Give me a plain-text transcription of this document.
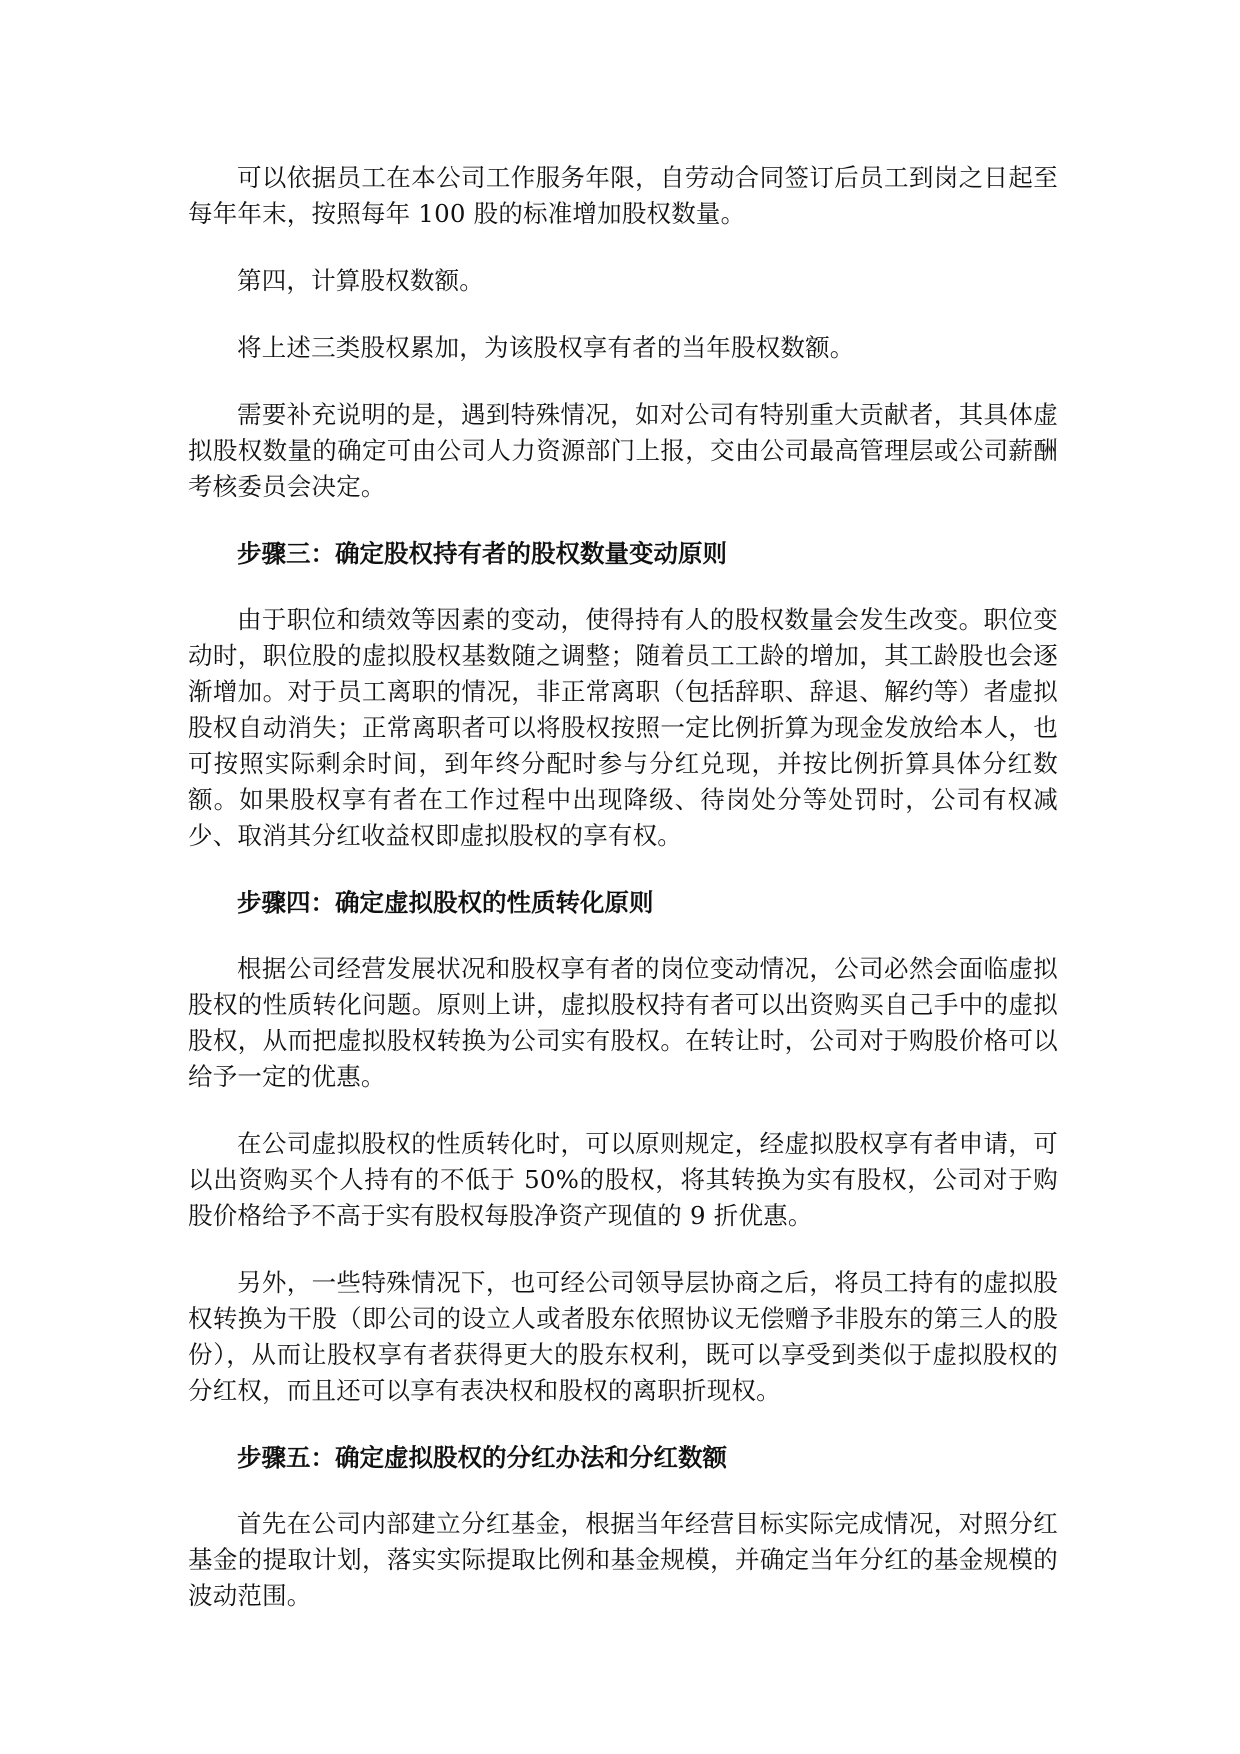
可以依据员工在本公司工作服务年限，自劳动合同签订后员工到岗之日起至每年年末，按照每年 100 股的标准增加股权数量。

第四，计算股权数额。

将上述三类股权累加，为该股权享有者的当年股权数额。

需要补充说明的是，遇到特殊情况，如对公司有特别重大贡献者，其具体虚拟股权数量的确定可由公司人力资源部门上报，交由公司最高管理层或公司薪酬考核委员会决定。

步骤三：确定股权持有者的股权数量变动原则

由于职位和绩效等因素的变动，使得持有人的股权数量会发生改变。职位变动时，职位股的虚拟股权基数随之调整；随着员工工龄的增加，其工龄股也会逐渐增加。对于员工离职的情况，非正常离职（包括辞职、辞退、解约等）者虚拟股权自动消失；正常离职者可以将股权按照一定比例折算为现金发放给本人，也可按照实际剩余时间，到年终分配时参与分红兑现，并按比例折算具体分红数额。如果股权享有者在工作过程中出现降级、待岗处分等处罚时，公司有权减少、取消其分红收益权即虚拟股权的享有权。

步骤四：确定虚拟股权的性质转化原则

根据公司经营发展状况和股权享有者的岗位变动情况，公司必然会面临虚拟股权的性质转化问题。原则上讲，虚拟股权持有者可以出资购买自己手中的虚拟股权，从而把虚拟股权转换为公司实有股权。在转让时，公司对于购股价格可以给予一定的优惠。

在公司虚拟股权的性质转化时，可以原则规定，经虚拟股权享有者申请，可以出资购买个人持有的不低于 50%的股权，将其转换为实有股权，公司对于购股价格给予不高于实有股权每股净资产现值的 9 折优惠。

另外，一些特殊情况下，也可经公司领导层协商之后，将员工持有的虚拟股权转换为干股（即公司的设立人或者股东依照协议无偿赠予非股东的第三人的股份），从而让股权享有者获得更大的股东权利，既可以享受到类似于虚拟股权的分红权，而且还可以享有表决权和股权的离职折现权。

步骤五：确定虚拟股权的分红办法和分红数额

首先在公司内部建立分红基金，根据当年经营目标实际完成情况，对照分红基金的提取计划，落实实际提取比例和基金规模，并确定当年分红的基金规模的波动范围。
